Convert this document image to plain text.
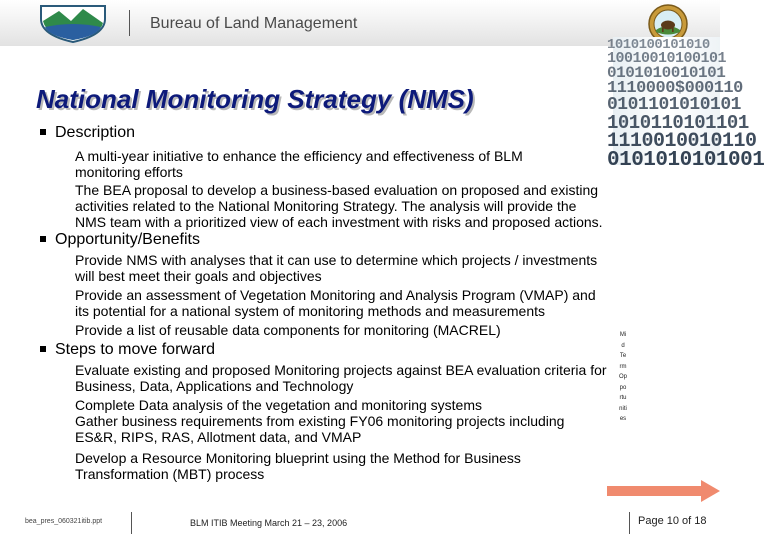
Bureau of Land Management
1010100101010
10010010100101
0101010010101
1110000$000110
0101101010101
1010110101101
1110010010110
0101010101001
National Monitoring Strategy (NMS)
Description
A multi-year initiative to enhance the efficiency and effectiveness of BLM
monitoring efforts
The BEA proposal to develop a business-based evaluation on proposed and existing
activities related to the National Monitoring Strategy. The analysis will provide the
NMS team with a prioritized view of each investment with risks and proposed actions.
Opportunity/Benefits
Provide NMS with analyses that it can use to determine which projects / investments
will best meet their goals and objectives
Provide an assessment of Vegetation Monitoring and Analysis Program (VMAP) and
its potential for a national system of monitoring methods and measurements
Provide a list of reusable data components for monitoring (MACREL)
Steps to move forward
Evaluate existing and proposed Monitoring projects against BEA evaluation criteria for
Business, Data, Applications and Technology
Complete Data analysis of the vegetation and monitoring systems
Gather business requirements from existing FY06 monitoring projects including
ES&R, RIPS, RAS, Allotment data, and VMAP
Develop a Resource Monitoring blueprint using the Method for Business
Transformation (MBT) process
Mid Term Opportunities
bea_pres_060321itib.ppt	BLM ITIB Meeting March 21 – 23, 2006	Page 10 of 18
